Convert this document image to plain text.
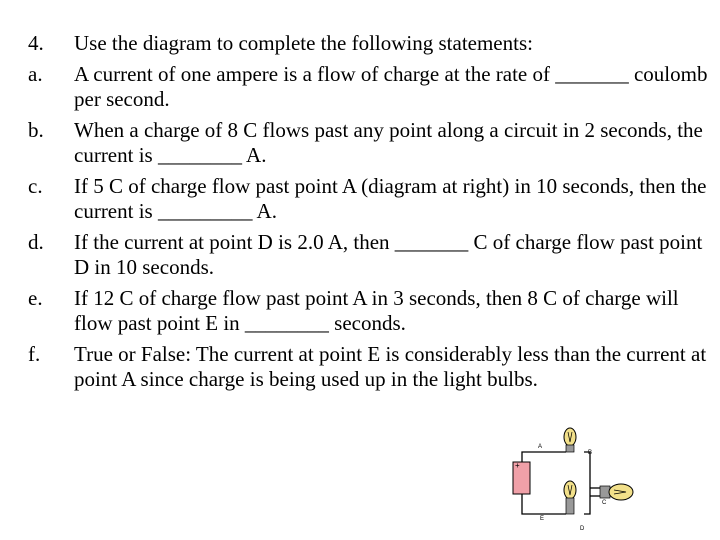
4.	Use the diagram to complete the following statements:
a.	A current of one ampere is a flow of charge at the rate of _______ coulomb per second.
b.	When a charge of 8 C flows past any point along a circuit in 2 seconds, the current is ________ A.
c.	If 5 C of charge flow past point A (diagram at right) in 10 seconds, then the current is _________ A.
d.	If the current at point D is 2.0 A, then _______ C of charge flow past point D in 10 seconds.
e.	If 12 C of charge flow past point A in 3 seconds, then 8 C of charge will flow past point E in ________ seconds.
f.	True or False: The current at point E is considerably less than the current at point A since charge is being used up in the light bulbs.
+
A
B
C
E
D
